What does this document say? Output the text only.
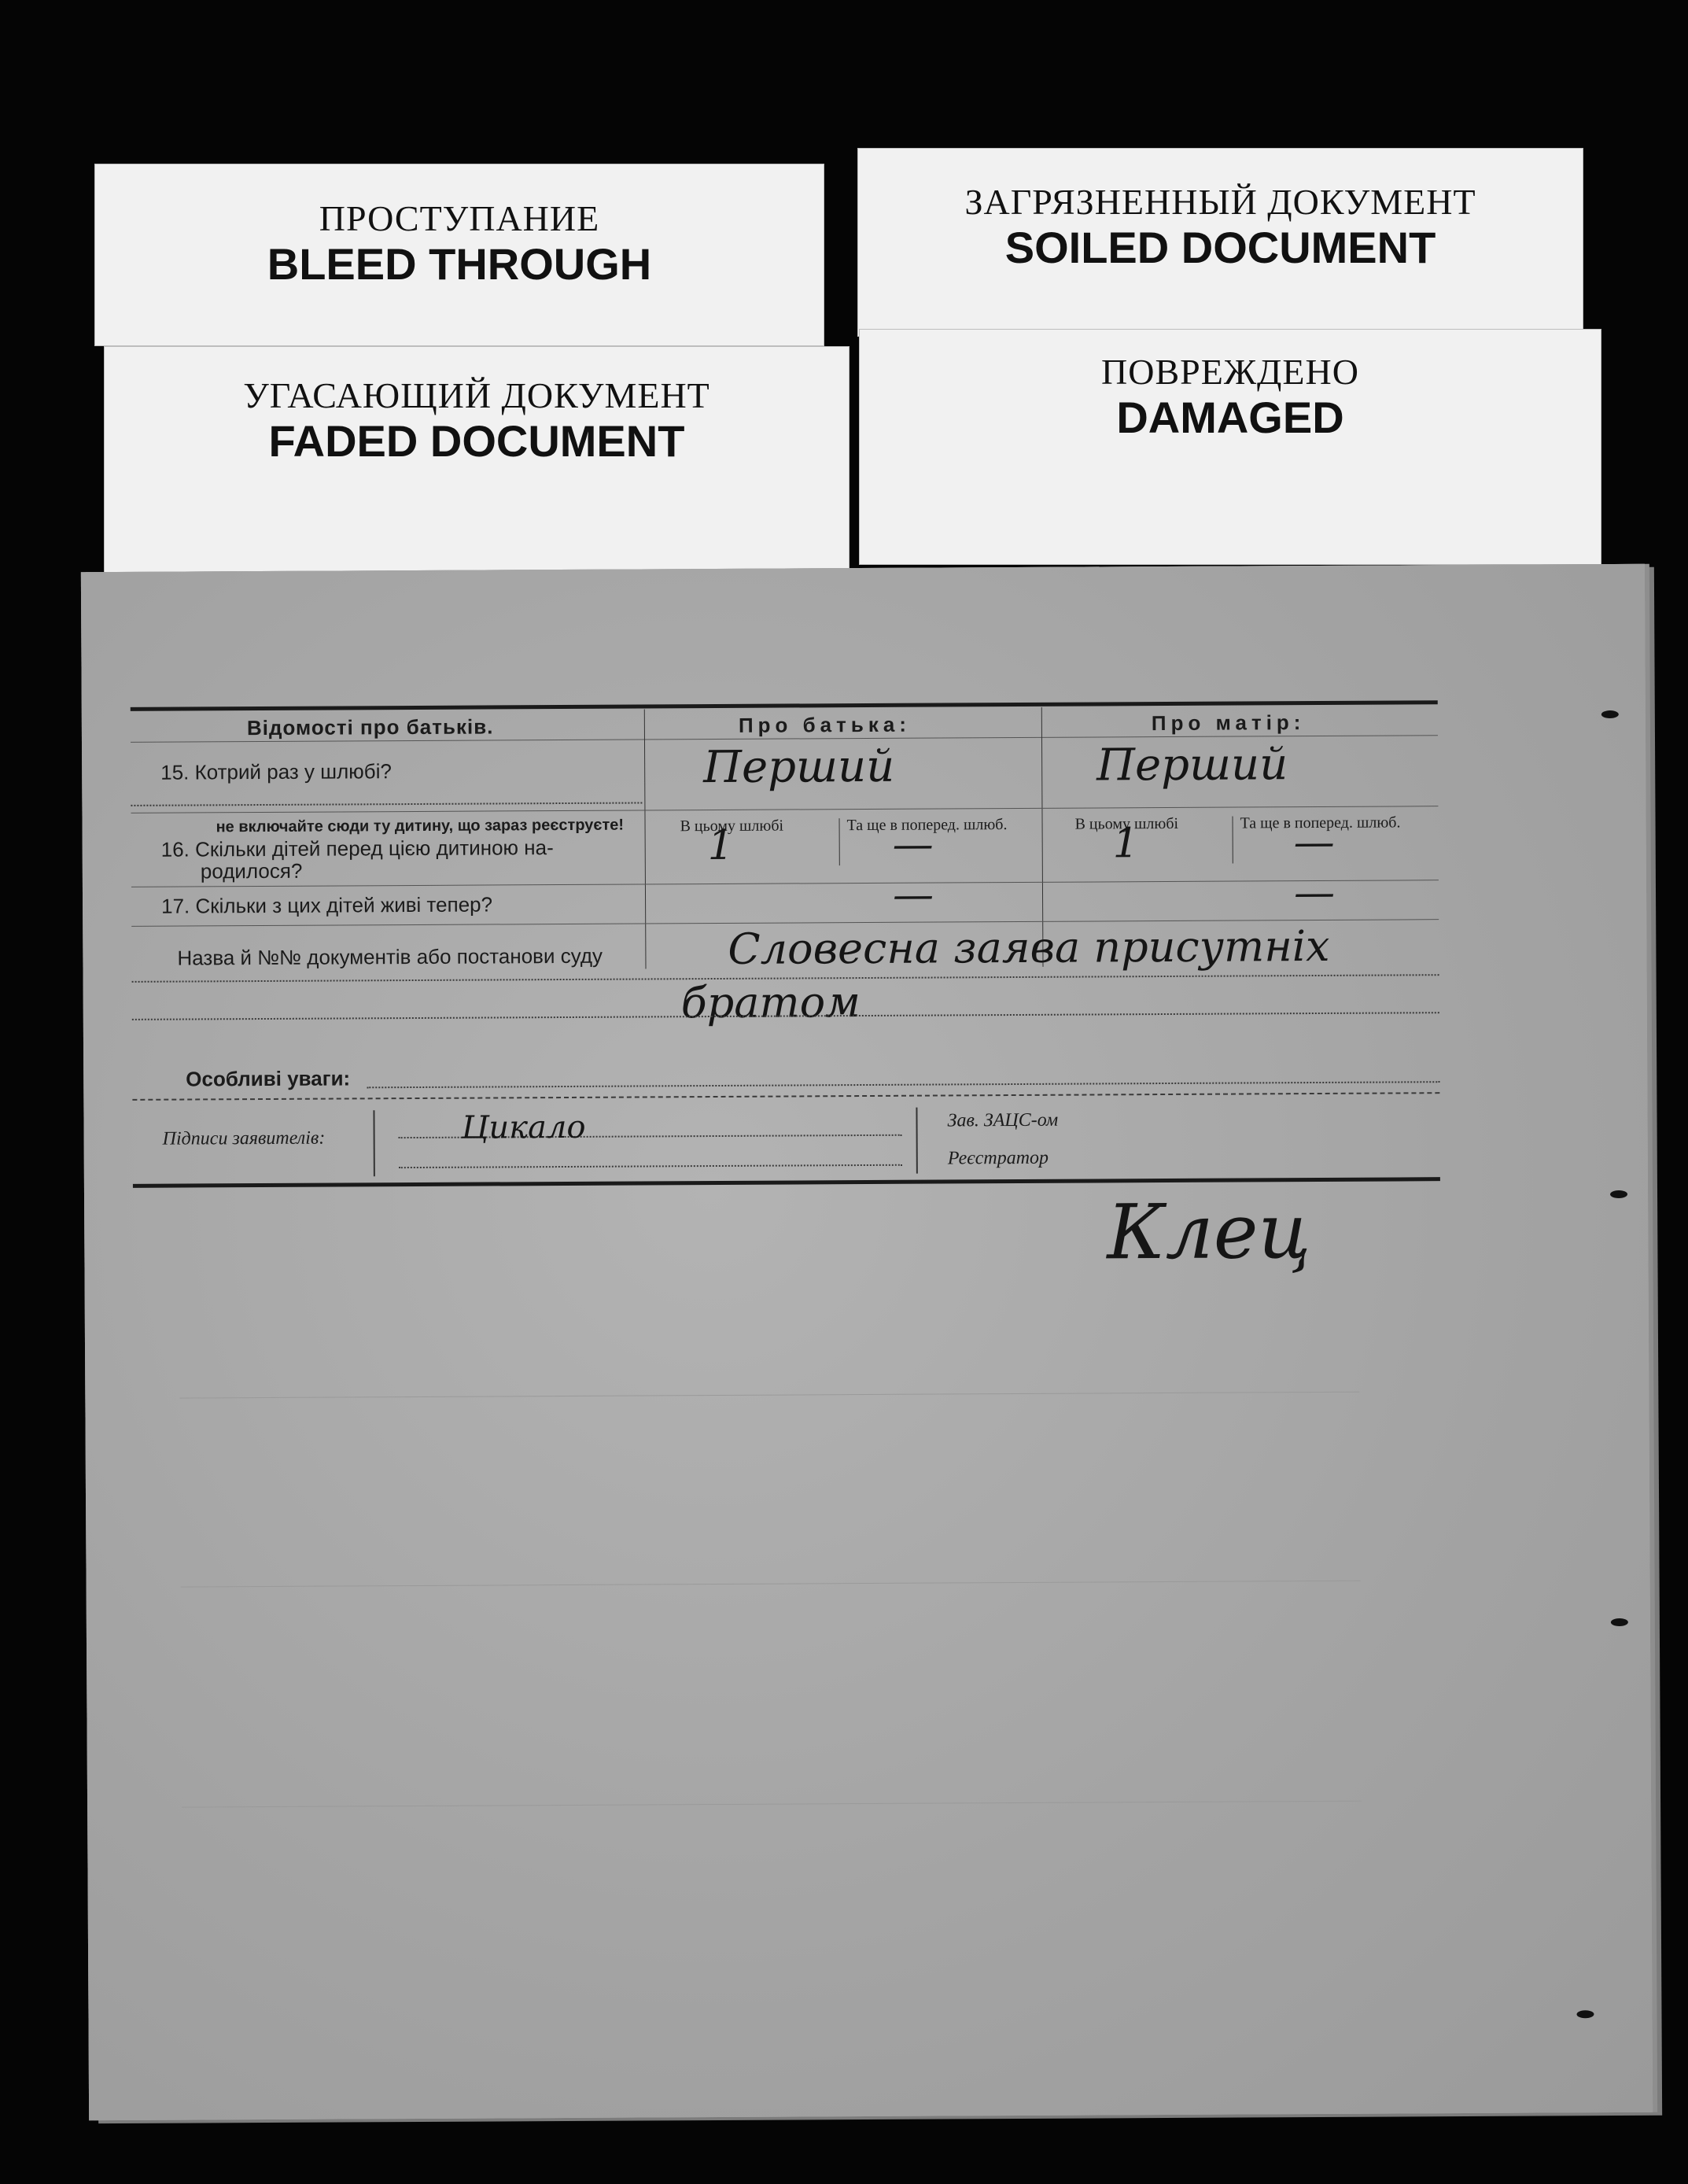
ПРОСТУПАНИЕ
BLEED THROUGH
ЗАГРЯЗНЕННЫЙ ДОКУМЕНТ
SOILED DOCUMENT
УГАСАЮЩИЙ ДОКУМЕНТ
FADED DOCUMENT
ПОВРЕЖДЕНО
DAMAGED
Відомості про батьків.	Про батька:	Про матір:
15. Котрий раз у шлюбі?	Перший	Перший
не включайте сюди ту дитину, що зараз реєструєте!
16. Скільки дітей перед цією дитиною на-
родилося?
В цьому шлюбі	Та ще в поперед. шлюб.	В цьому шлюбі	Та ще в поперед. шлюб.
1	—	1	—
17. Скільки з цих дітей живі тепер?	—	—
Назва й №№ документів або постанови суду	Словесна заява присутніх
братом
Особливі уваги:
Підписи заявителів:	Цикало	Зав. ЗАЦС-ом
Реєстратор
Клец
